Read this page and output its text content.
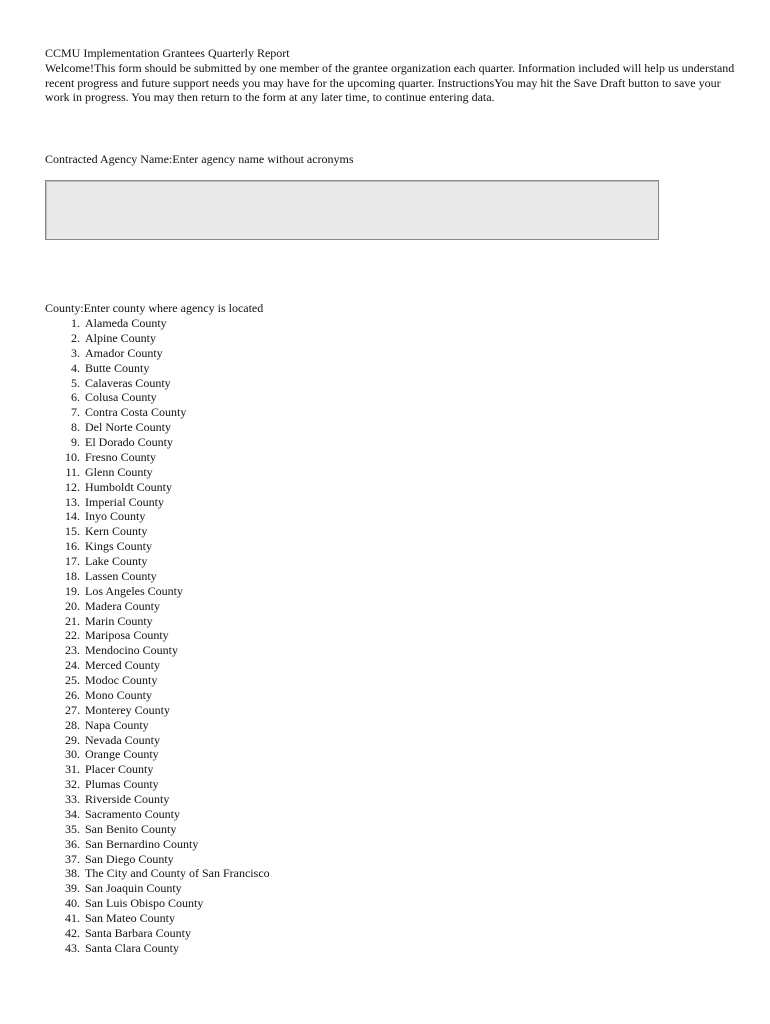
CCMU Implementation Grantees Quarterly Report

Welcome!This form should be submitted by one member of the grantee organization each quarter. Information included will help us understand recent progress and future support needs you may have for the upcoming quarter. InstructionsYou may hit the Save Draft button to save your work in progress. You may then return to the form at any later time, to continue entering data.

Contracted Agency Name:Enter agency name without acronyms

County:Enter county where agency is located

1. Alameda County
2. Alpine County
3. Amador County
4. Butte County
5. Calaveras County
6. Colusa County
7. Contra Costa County
8. Del Norte County
9. El Dorado County
10. Fresno County
11. Glenn County
12. Humboldt County
13. Imperial County
14. Inyo County
15. Kern County
16. Kings County
17. Lake County
18. Lassen County
19. Los Angeles County
20. Madera County
21. Marin County
22. Mariposa County
23. Mendocino County
24. Merced County
25. Modoc County
26. Mono County
27. Monterey County
28. Napa County
29. Nevada County
30. Orange County
31. Placer County
32. Plumas County
33. Riverside County
34. Sacramento County
35. San Benito County
36. San Bernardino County
37. San Diego County
38. The City and County of San Francisco
39. San Joaquin County
40. San Luis Obispo County
41. San Mateo County
42. Santa Barbara County
43. Santa Clara County
